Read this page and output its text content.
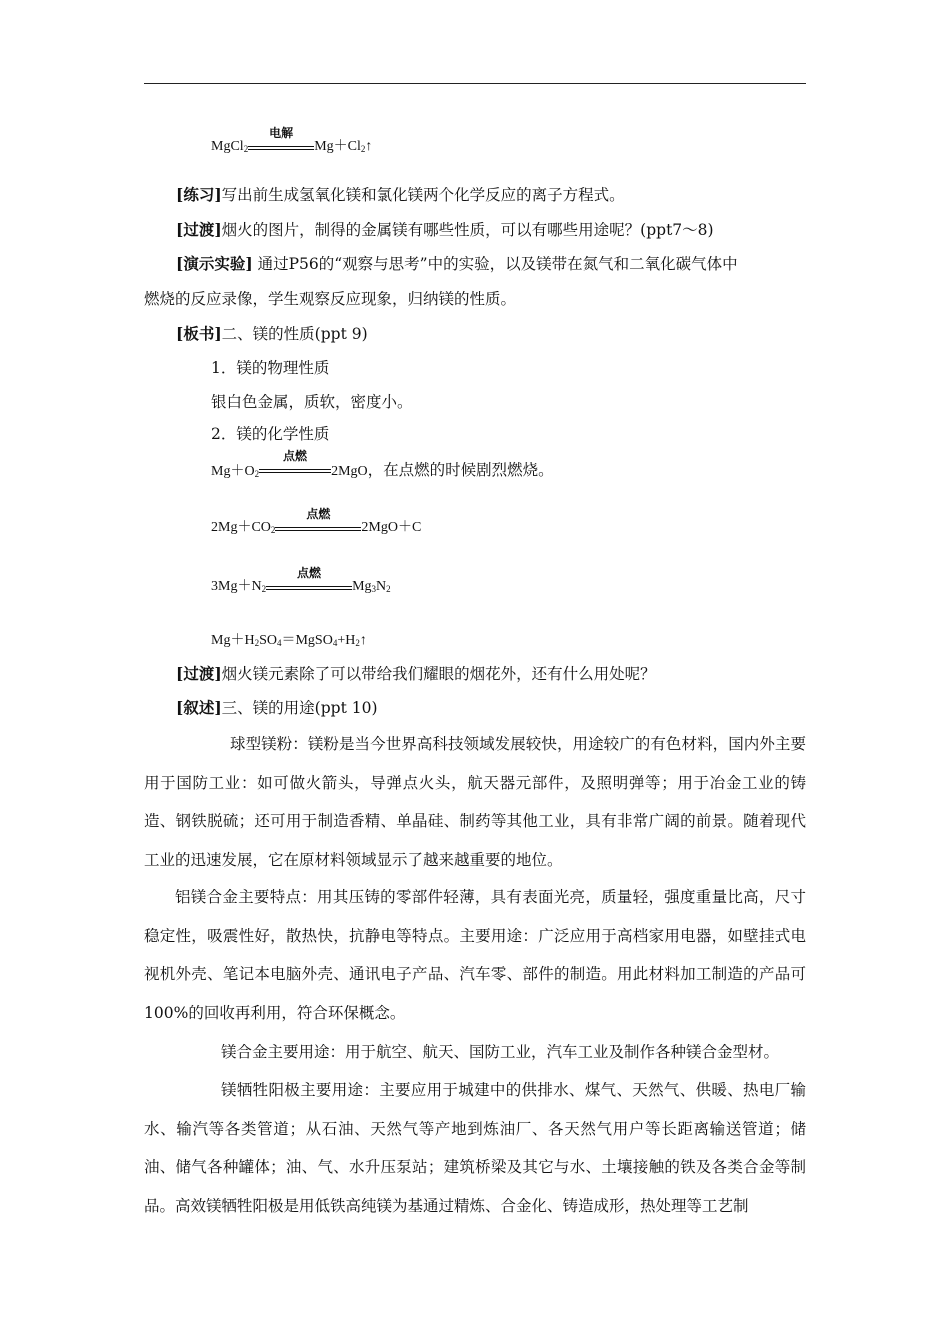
MgCl$_2$
电解
$Mg+Cl_2↑$
[练习]写出前生成氢氧化镁和氯化镁两个化学反应的离子方程式。
[过渡]烟火的图片，制得的金属镁有哪些性质，可以有哪些用途呢？(ppt7～8)
[演示实验] 通过P56的“观察与思考”中的实验，以及镁带在氮气和二氧化碳气体中
燃烧的反应录像，学生观察反应现象，归纳镁的性质。
[板书]二、镁的性质(ppt 9)
1．镁的物理性质
银白色金属，质软，密度小。
2．镁的化学性质
$Mg+O_2$
点燃
2MgO，在点燃的时候剧烈燃烧。
$2Mg+CO_2$
点燃
2MgO＋C
$3Mg+N_2$
点燃
$Mg_3N_2$
$Mg+H_2SO_4=MgSO_4+H_2↑$
[过渡]烟火镁元素除了可以带给我们耀眼的烟花外，还有什么用处呢？
[叙述]三、镁的用途(ppt 10)
球型镁粉：镁粉是当今世界高科技领域发展较快，用途较广的有色材料，国内外主要用于国防工业：如可做火箭头，导弹点火头，航天器元部件，及照明弹等；用于冶金工业的铸造、钢铁脱硫；还可用于制造香精、单晶硅、制药等其他工业，具有非常广阔的前景。随着现代工业的迅速发展，它在原材料领域显示了越来越重要的地位。
铝镁合金主要特点：用其压铸的零部件轻薄，具有表面光亮，质量轻，强度重量比高，尺寸稳定性，吸震性好，散热快，抗静电等特点。主要用途：广泛应用于高档家用电器，如壁挂式电视机外壳、笔记本电脑外壳、通讯电子产品、汽车零、部件的制造。用此材料加工制造的产品可100%的回收再利用，符合环保概念。
镁合金主要用途：用于航空、航天、国防工业，汽车工业及制作各种镁合金型材。
镁牺牲阳极主要用途：主要应用于城建中的供排水、煤气、天然气、供暖、热电厂输水、输汽等各类管道；从石油、天然气等产地到炼油厂、各天然气用户等长距离输送管道；储油、储气各种罐体；油、气、水升压泵站；建筑桥梁及其它与水、土壤接触的铁及各类合金等制品。高效镁牺牲阳极是用低铁高纯镁为基通过精炼、合金化、铸造成形，热处理等工艺制
